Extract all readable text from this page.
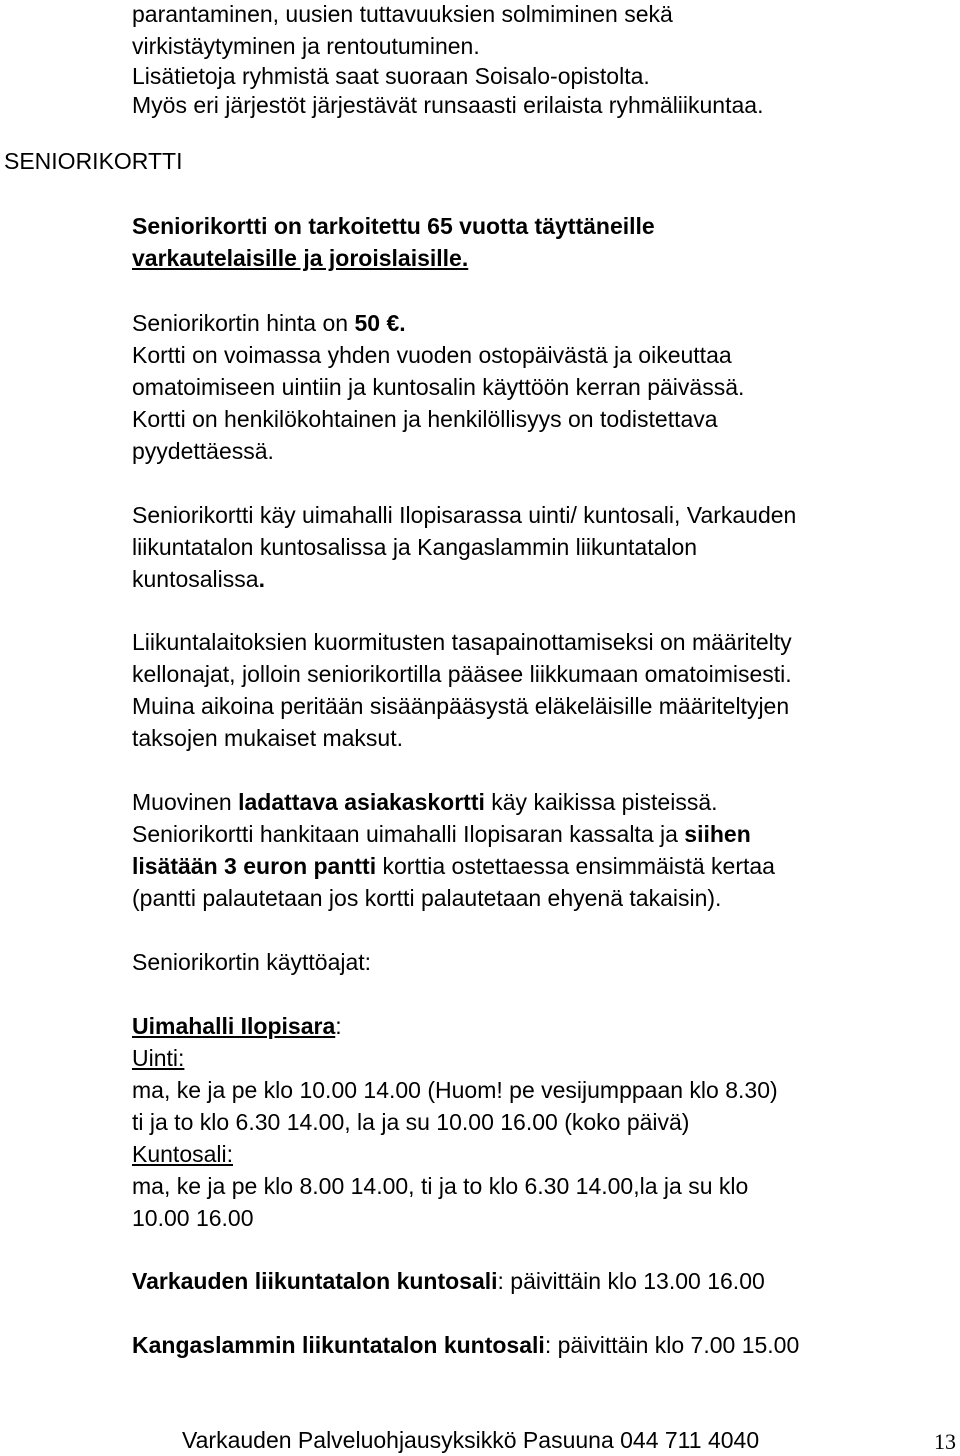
parantaminen, uusien tuttavuuksien solmiminen sekä
virkistäytyminen ja rentoutuminen.
Lisätietoja ryhmistä saat suoraan Soisalo-opistolta.
Myös eri järjestöt järjestävät runsaasti erilaista ryhmäliikuntaa.
SENIORIKORTTI
Seniorikortti on tarkoitettu 65 vuotta täyttäneille
varkautelaisille ja joroislaisille.
Seniorikortin hinta on 50 €.
Kortti on voimassa yhden vuoden ostopäivästä ja oikeuttaa
omatoimiseen uintiin ja kuntosalin käyttöön kerran päivässä.
Kortti on henkilökohtainen ja henkilöllisyys on todistettava
pyydettäessä.
Seniorikortti käy uimahalli Ilopisarassa uinti/ kuntosali, Varkauden
liikuntatalon kuntosalissa ja Kangaslammin liikuntatalon
kuntosalissa.
Liikuntalaitoksien kuormitusten tasapainottamiseksi on määritelty
kellonajat, jolloin seniorikortilla pääsee liikkumaan omatoimisesti.
Muina aikoina peritään sisäänpääsystä eläkeläisille määriteltyjen
taksojen mukaiset maksut.
Muovinen ladattava asiakaskortti käy kaikissa pisteissä.
Seniorikortti hankitaan uimahalli Ilopisaran kassalta ja siihen
lisätään 3 euron pantti korttia ostettaessa ensimmäistä kertaa
(pantti palautetaan jos kortti palautetaan ehyenä takaisin).
Seniorikortin käyttöajat:
Uimahalli Ilopisara:
Uinti:
ma, ke ja pe klo 10.00 14.00 (Huom! pe vesijumppaan klo 8.30)
ti ja to klo 6.30 14.00, la ja su 10.00 16.00 (koko päivä)
Kuntosali:
ma, ke ja pe klo 8.00 14.00, ti ja to klo 6.30 14.00,la ja su klo
10.00 16.00
Varkauden liikuntatalon kuntosali: päivittäin klo 13.00 16.00
Kangaslammin liikuntatalon kuntosali: päivittäin klo 7.00 15.00
Varkauden Palveluohjausyksikkö Pasuuna 044 711 4040	13
